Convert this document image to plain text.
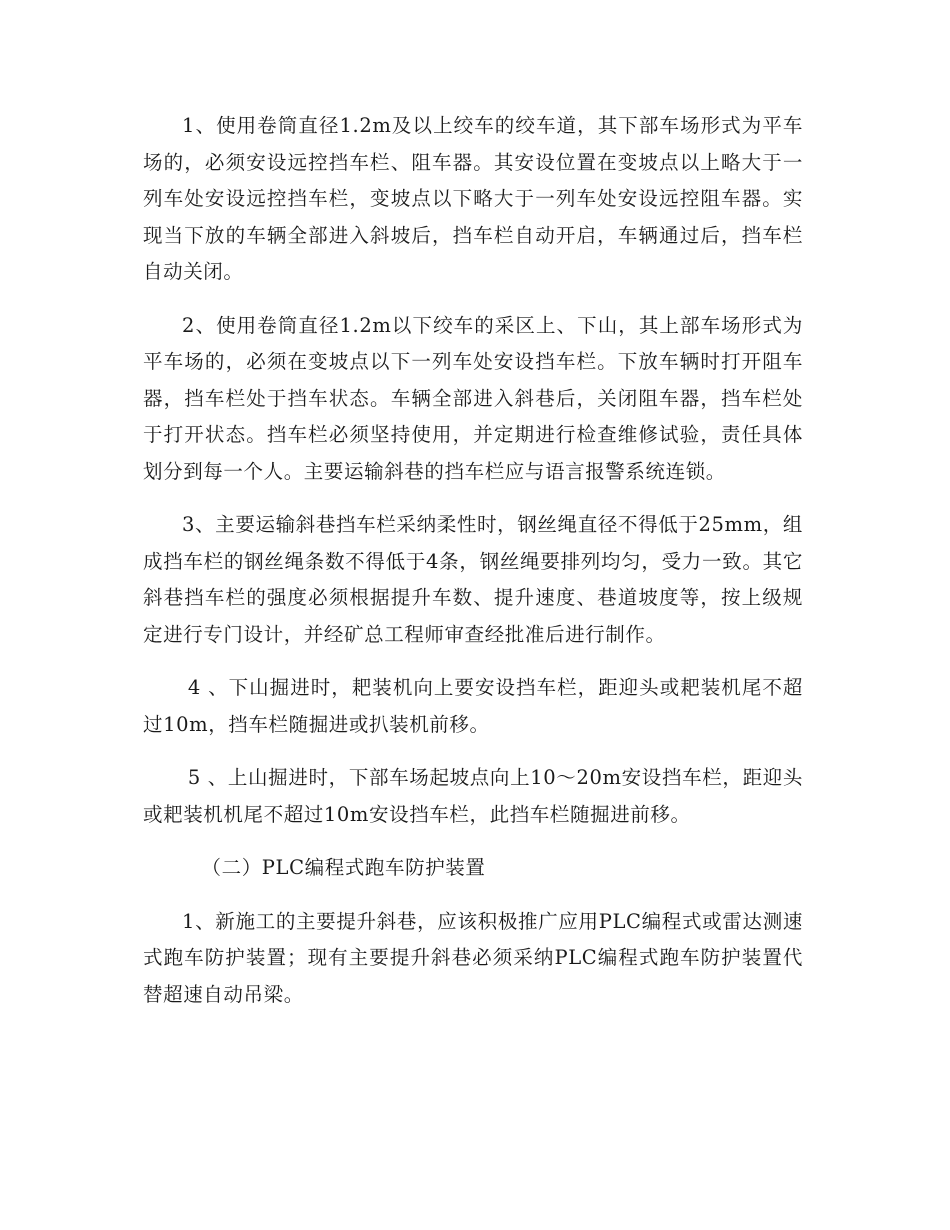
1、使用卷筒直径1.2m及以上绞车的绞车道，其下部车场形式为平车场的，必须安设远控挡车栏、阻车器。其安设位置在变坡点以上略大于一列车处安设远控挡车栏，变坡点以下略大于一列车处安设远控阻车器。实现当下放的车辆全部进入斜坡后，挡车栏自动开启，车辆通过后，挡车栏自动关闭。

2、使用卷筒直径1.2m以下绞车的采区上、下山，其上部车场形式为平车场的，必须在变坡点以下一列车处安设挡车栏。下放车辆时打开阻车器，挡车栏处于挡车状态。车辆全部进入斜巷后，关闭阻车器，挡车栏处于打开状态。挡车栏必须坚持使用，并定期进行检查维修试验，责任具体划分到每一个人。主要运输斜巷的挡车栏应与语言报警系统连锁。

3、主要运输斜巷挡车栏采纳柔性时，钢丝绳直径不得低于25mm，组成挡车栏的钢丝绳条数不得低于4条，钢丝绳要排列均匀，受力一致。其它斜巷挡车栏的强度必须根据提升车数、提升速度、巷道坡度等，按上级规定进行专门设计，并经矿总工程师审查经批准后进行制作。

4 、下山掘进时，耙装机向上要安设挡车栏，距迎头或耙装机尾不超过10m，挡车栏随掘进或扒装机前移。

5 、上山掘进时，下部车场起坡点向上10～20m安设挡车栏，距迎头或耙装机机尾不超过10m安设挡车栏，此挡车栏随掘进前移。

（二）PLC编程式跑车防护装置

1、新施工的主要提升斜巷，应该积极推广应用PLC编程式或雷达测速式跑车防护装置；现有主要提升斜巷必须采纳PLC编程式跑车防护装置代替超速自动吊梁。
